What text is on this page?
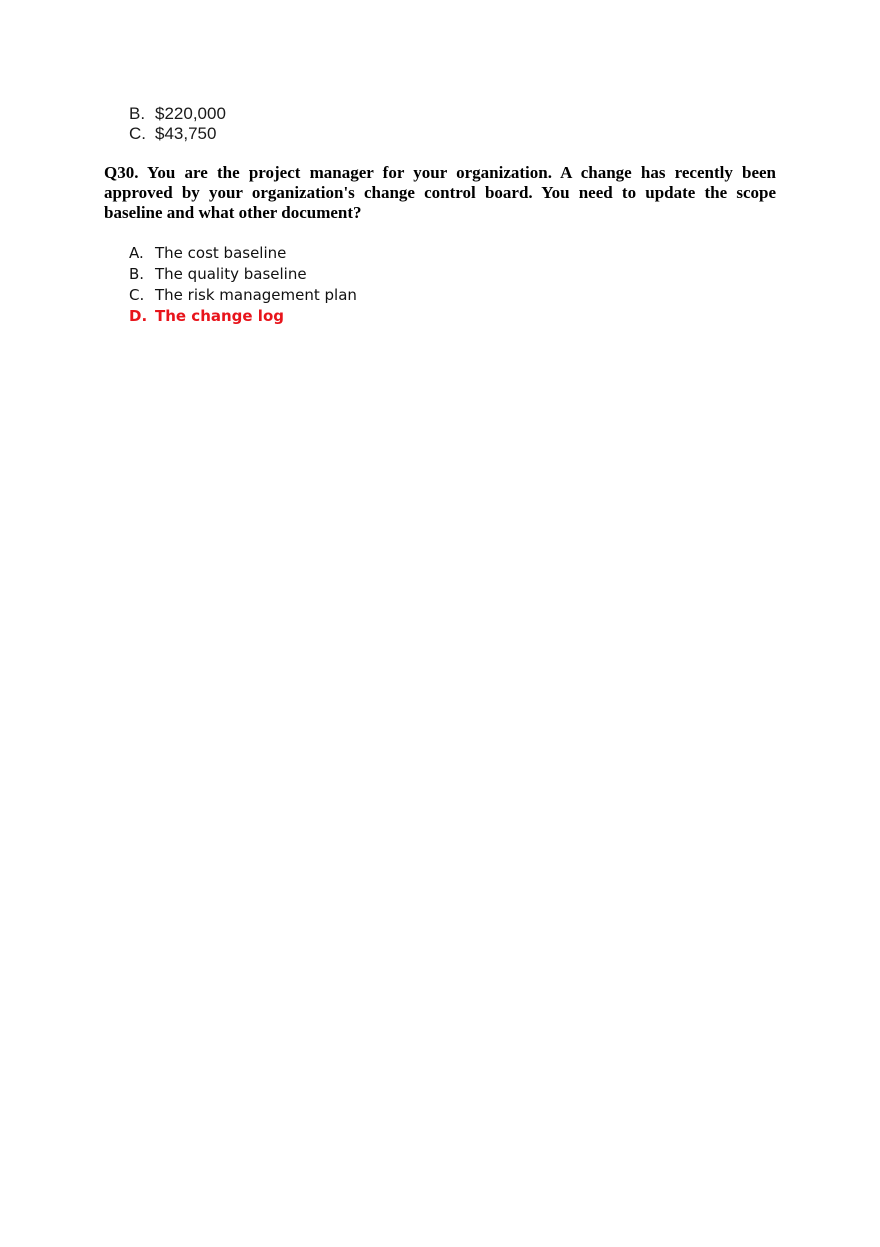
B. $220,000
C. $43,750

Q30. You are the project manager for your organization. A change has recently been approved by your organization's change control board. You need to update the scope baseline and what other document?

A. The cost baseline
B. The quality baseline
C. The risk management plan
D. The change log
